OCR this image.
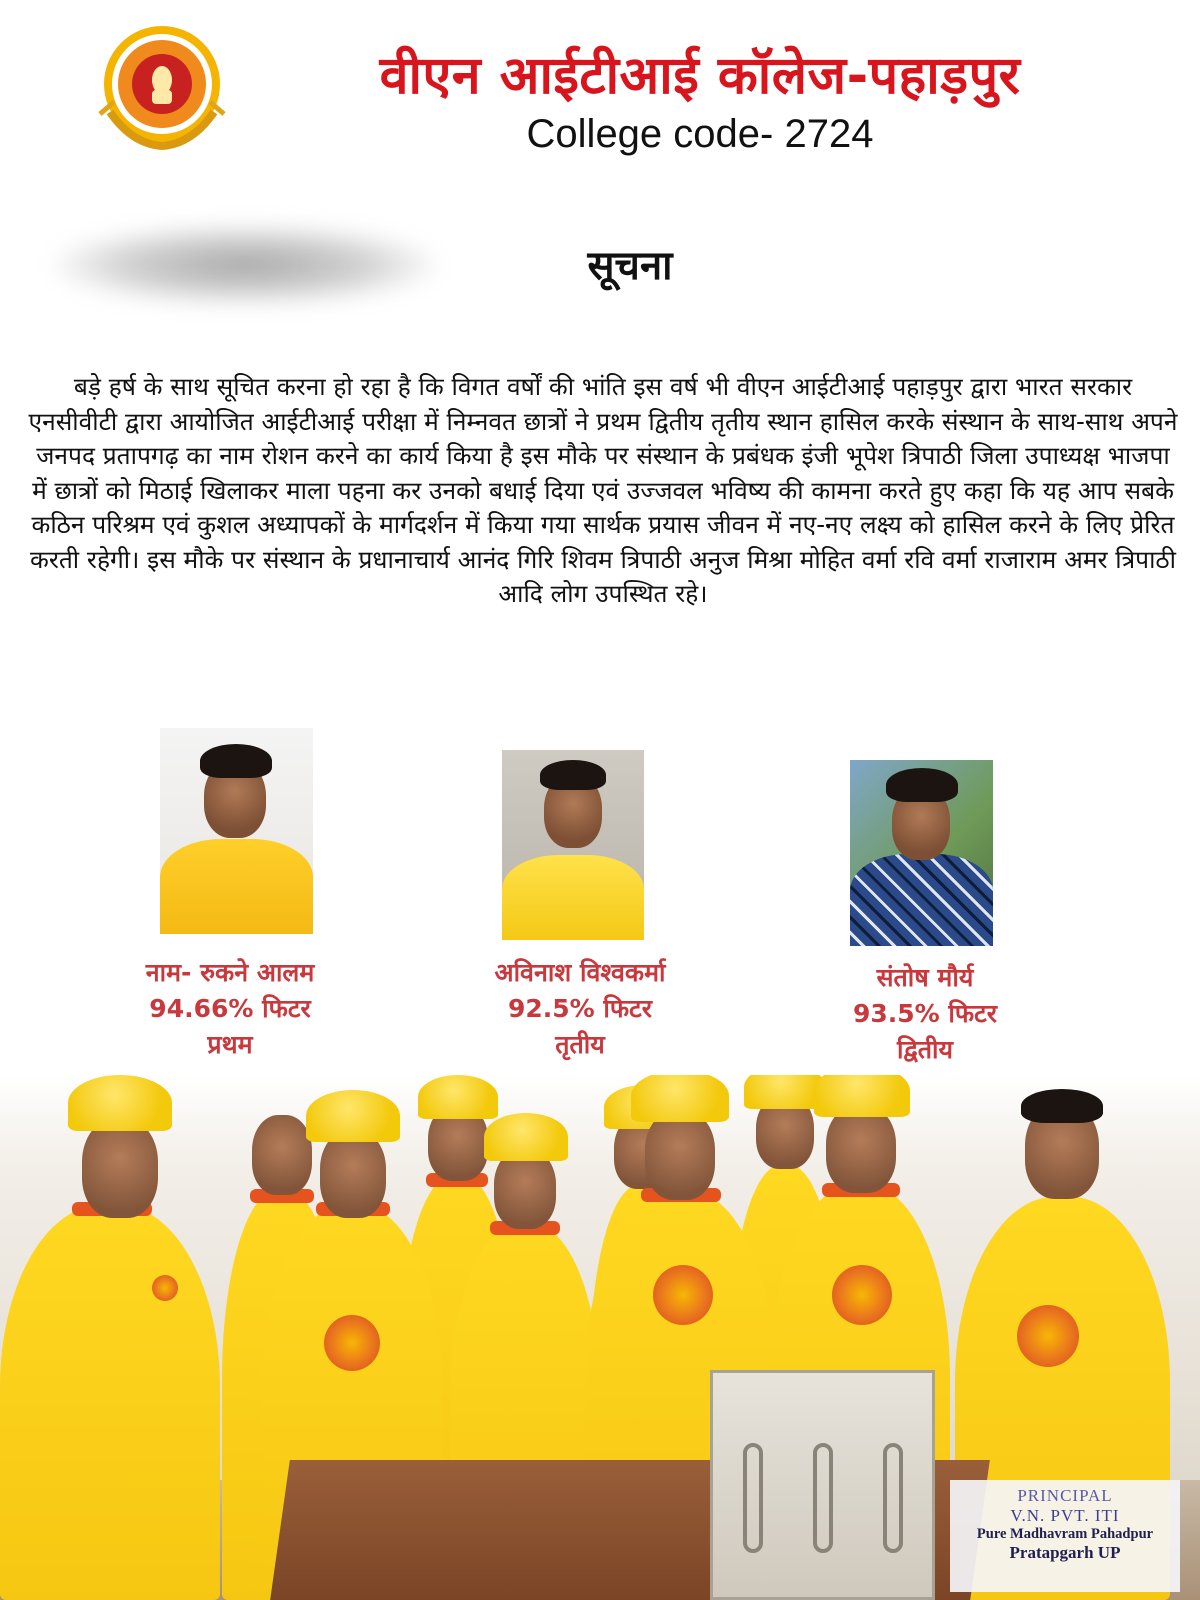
वीएन आईटीआई कॉलेज-पहाड़पुर
College code- 2724
सूचना
बड़े हर्ष के साथ सूचित करना हो रहा है कि विगत वर्षों की भांति इस वर्ष भी वीएन आईटीआई पहाड़पुर द्वारा भारत सरकार एनसीवीटी द्वारा आयोजित आईटीआई परीक्षा में निम्नवत छात्रों ने प्रथम द्वितीय तृतीय स्थान हासिल करके संस्थान के साथ-साथ अपने जनपद प्रतापगढ़ का नाम रोशन करने का कार्य किया है इस मौके पर संस्थान के प्रबंधक इंजी भूपेश त्रिपाठी जिला उपाध्यक्ष भाजपा में छात्रों को मिठाई खिलाकर माला पहना कर उनको बधाई दिया एवं उज्जवल भविष्य की कामना करते हुए कहा कि यह आप सबके कठिन परिश्रम एवं कुशल अध्यापकों के मार्गदर्शन में किया गया सार्थक प्रयास जीवन में नए-नए लक्ष्य को हासिल करने के लिए प्रेरित करती रहेगी। इस मौके पर संस्थान के प्रधानाचार्य आनंद गिरि शिवम त्रिपाठी अनुज मिश्रा मोहित वर्मा रवि वर्मा राजाराम अमर त्रिपाठी आदि लोग उपस्थित रहे।
नाम- रुकने आलम
94.66% फिटर
प्रथम
अविनाश विश्वकर्मा
92.5% फिटर
तृतीय
संतोष मौर्य
93.5% फिटर
द्वितीय
PRINCIPAL
V.N. PVT. ITI
Pure Madhavram Pahadpur
Pratapgarh UP
